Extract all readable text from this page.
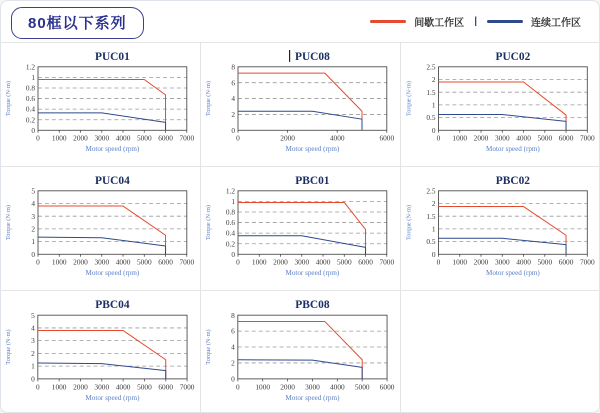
80框以下系列	间歇工作区 |	连续工作区
0
0.2
0.4
0.6
0.8
1
1.2
0 1000 2000 3000 4000 5000 6000 7000
PUC01
Torque (N·m)
Motor speed (rpm)
0
2
4
6
8
0	2000	4000	6000
PUC08
Torque (N·m)
Motor speed (rpm)
0
0.5
1
1.5
2
2.5
0 1000 2000 3000 4000 5000 6000 7000
PUC02
Torque (N·m)
Motor speed (rpm)
0
1
2
3
4
5
0 1000 2000 3000 4000 5000 6000 7000
PUC04
Torque (N·m)
Motor speed (rpm)
0
0.2
0.4
0.6
0.8
1
1.2
0 1000 2000 3000 4000 5000 6000 7000
PBC01
Torque (N·m)
Motor speed (rpm)
0
0.5
1
1.5
2
2.5
0 1000 2000 3000 4000 5000 6000 7000
PBC02
Torque (N·m)
Motor speed (rpm)
0
1
2
3
4
5
0 1000 2000 3000 4000 5000 6000 7000
PBC04
Torque (N·m)
Motor speed (rpm)
0
2
4
6
8
0 1000 2000 3000 4000 5000 6000
PBC08
Torque (N·m)
Motor speed (rpm)
